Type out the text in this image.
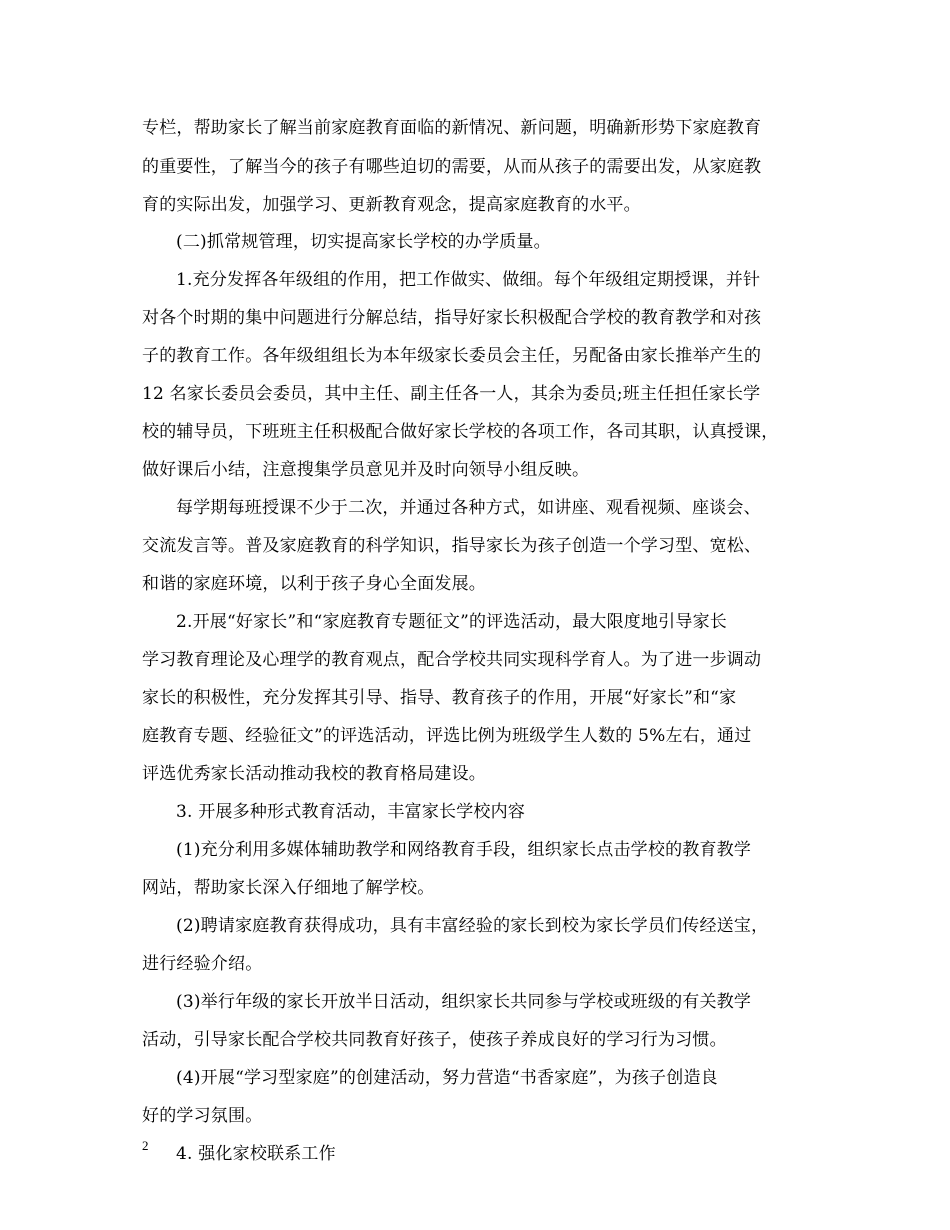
专栏，帮助家长了解当前家庭教育面临的新情况、新问题，明确新形势下家庭教育
的重要性，了解当今的孩子有哪些迫切的需要，从而从孩子的需要出发，从家庭教
育的实际出发，加强学习、更新教育观念，提高家庭教育的水平。
(二)抓常规管理，切实提高家长学校的办学质量。
1.充分发挥各年级组的作用，把工作做实、做细。每个年级组定期授课，并针
对各个时期的集中问题进行分解总结，指导好家长积极配合学校的教育教学和对孩
子的教育工作。各年级组组长为本年级家长委员会主任，另配备由家长推举产生的
12 名家长委员会委员，其中主任、副主任各一人，其余为委员;班主任担任家长学
校的辅导员，下班班主任积极配合做好家长学校的各项工作，各司其职，认真授课，
做好课后小结，注意搜集学员意见并及时向领导小组反映。
每学期每班授课不少于二次，并通过各种方式，如讲座、观看视频、座谈会、
交流发言等。普及家庭教育的科学知识，指导家长为孩子创造一个学习型、宽松、
和谐的家庭环境，以利于孩子身心全面发展。
2.开展“好家长”和“家庭教育专题征文”的评选活动，最大限度地引导家长
学习教育理论及心理学的教育观点，配合学校共同实现科学育人。为了进一步调动
家长的积极性，充分发挥其引导、指导、教育孩子的作用，开展“好家长”和“家
庭教育专题、经验征文”的评选活动，评选比例为班级学生人数的 5%左右，通过
评选优秀家长活动推动我校的教育格局建设。
3. 开展多种形式教育活动，丰富家长学校内容
(1)充分利用多媒体辅助教学和网络教育手段，组织家长点击学校的教育教学
网站，帮助家长深入仔细地了解学校。
(2)聘请家庭教育获得成功，具有丰富经验的家长到校为家长学员们传经送宝，
进行经验介绍。
(3)举行年级的家长开放半日活动，组织家长共同参与学校或班级的有关教学
活动，引导家长配合学校共同教育好孩子，使孩子养成良好的学习行为习惯。
(4)开展“学习型家庭”的创建活动，努力营造“书香家庭”，为孩子创造良
好的学习氛围。
4. 强化家校联系工作
2
